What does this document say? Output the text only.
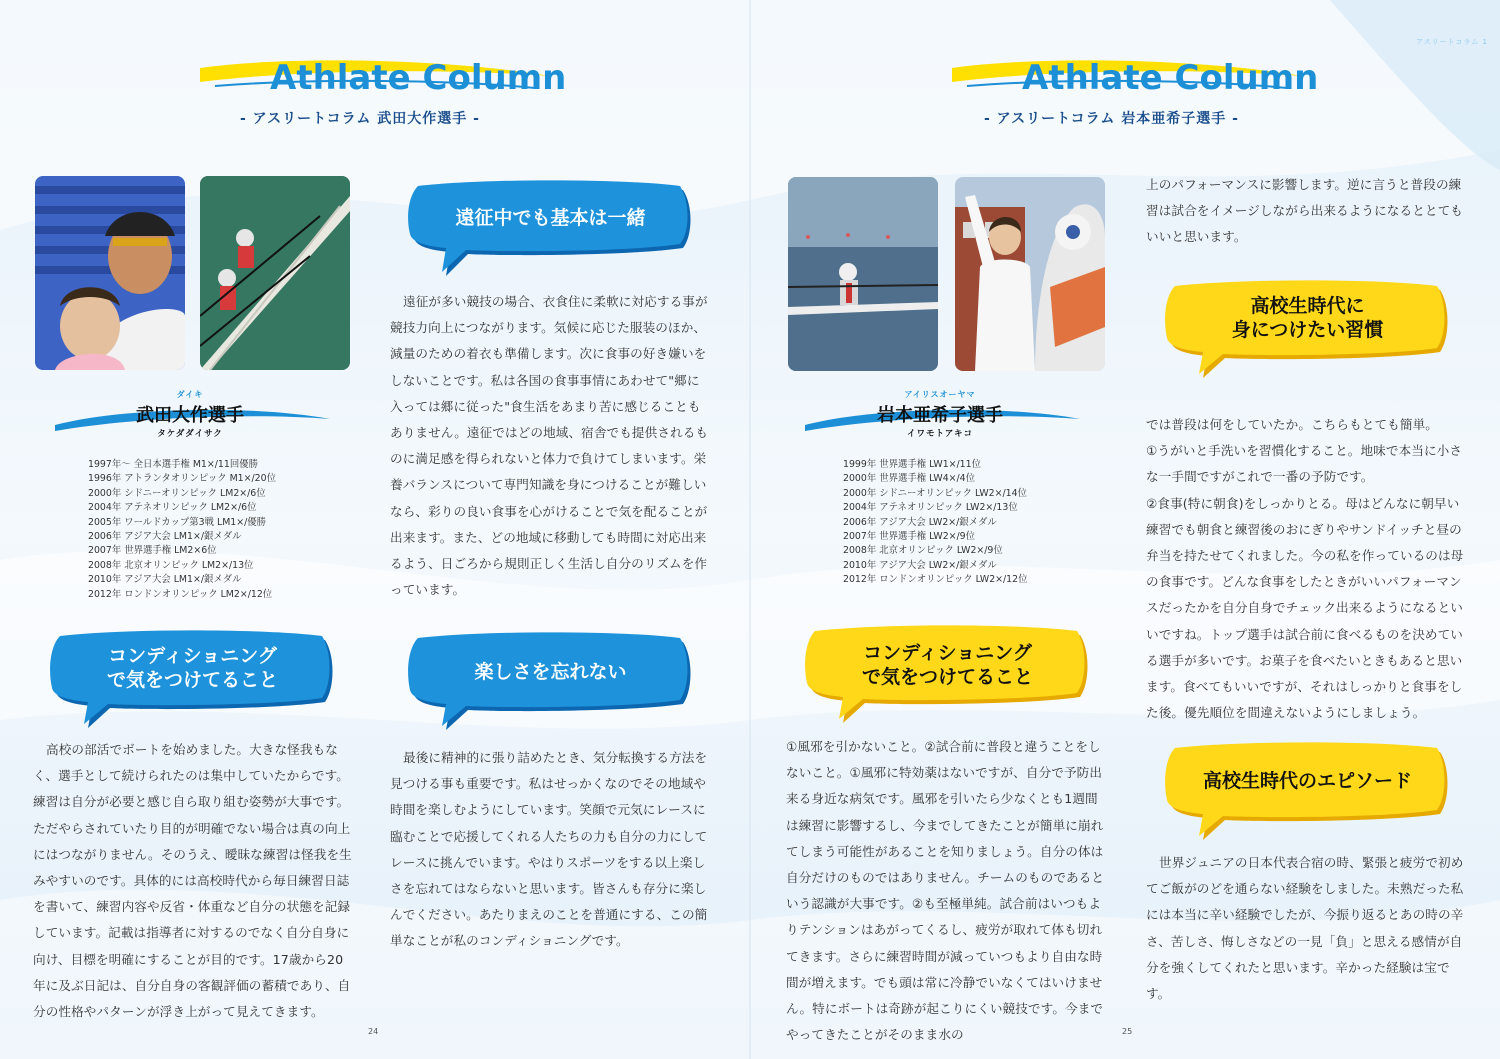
Athlate Column
- アスリートコラム 武田大作選手 -
ダイキ
武田大作選手
タケダダイサク
1997年～ 全日本選手権 M1×/11回優勝
1996年 アトランタオリンピック M1×/20位
2000年 シドニーオリンピック LM2×/6位
2004年 アテネオリンピック LM2×/6位
2005年 ワールドカップ第3戦 LM1×/優勝
2006年 アジア大会 LM1×/銀メダル
2007年 世界選手権 LM2×6位
2008年 北京オリンピック LM2×/13位
2010年 アジア大会 LM1×/銀メダル
2012年 ロンドンオリンピック LM2×/12位
遠征中でも基本は一緒
遠征が多い競技の場合、衣食住に柔軟に対応する事が競技力向上につながります。気候に応じた服装のほか、減量のための着衣も準備します。次に食事の好き嫌いをしないことです。私は各国の食事事情にあわせて"郷に入っては郷に従った"食生活をあまり苦に感じることもありません。遠征ではどの地域、宿舎でも提供されるものに満足感を得られないと体力で負けてしまいます。栄養バランスについて専門知識を身につけることが難しいなら、彩りの良い食事を心がけることで気を配ることが出来ます。また、どの地域に移動しても時間に対応出来るよう、日ごろから規則正しく生活し自分のリズムを作っています。
コンディショニング
で気をつけてること
高校の部活でボートを始めました。大きな怪我もなく、選手として続けられたのは集中していたからです。練習は自分が必要と感じ自ら取り組む姿勢が大事です。ただやらされていたり目的が明確でない場合は真の向上にはつながりません。そのうえ、曖昧な練習は怪我を生みやすいのです。具体的には高校時代から毎日練習日誌を書いて、練習内容や反省・体重など自分の状態を記録しています。記載は指導者に対するのでなく自分自身に向け、目標を明確にすることが目的です。17歳から20年に及ぶ日記は、自分自身の客観評価の蓄積であり、自分の性格やパターンが浮き上がって見えてきます。
楽しさを忘れない
最後に精神的に張り詰めたとき、気分転換する方法を見つける事も重要です。私はせっかくなのでその地域や時間を楽しむようにしています。笑顔で元気にレースに臨むことで応援してくれる人たちの力も自分の力にしてレースに挑んでいます。やはりスポーツをする以上楽しさを忘れてはならないと思います。皆さんも存分に楽しんでください。あたりまえのことを普通にする、この簡単なことが私のコンディショニングです。
24
アスリートコラム 1
Athlate Column
- アスリートコラム 岩本亜希子選手 -
アイリスオーヤマ
岩本亜希子選手
イワモトアキコ
1999年 世界選手権 LW1×/11位
2000年 世界選手権 LW4×/4位
2000年 シドニーオリンピック LW2×/14位
2004年 アテネオリンピック LW2×/13位
2006年 アジア大会 LW2×/銀メダル
2007年 世界選手権 LW2×/9位
2008年 北京オリンピック LW2×/9位
2010年 アジア大会 LW2×/銀メダル
2012年 ロンドンオリンピック LW2×/12位
コンディショニング
で気をつけてること
①風邪を引かないこと。②試合前に普段と違うことをしないこと。①風邪に特効薬はないですが、自分で予防出来る身近な病気です。風邪を引いたら少なくとも1週間は練習に影響するし、今までしてきたことが簡単に崩れてしまう可能性があることを知りましょう。自分の体は自分だけのものではありません。チームのものであるという認識が大事です。②も至極単純。試合前はいつもよりテンションはあがってくるし、疲労が取れて体も切れてきます。さらに練習時間が減っていつもより自由な時間が増えます。でも頭は常に冷静でいなくてはいけません。特にボートは奇跡が起こりにくい競技です。今までやってきたことがそのまま水の
上のパフォーマンスに影響します。逆に言うと普段の練習は試合をイメージしながら出来るようになるととてもいいと思います。
高校生時代に
身につけたい習慣

では普段は何をしていたか。こちらもとても簡単。

①うがいと手洗いを習慣化すること。地味で本当に小さな一手間ですがこれで一番の予防です。

②食事(特に朝食)をしっかりとる。母はどんなに朝早い練習でも朝食と練習後のおにぎりやサンドイッチと昼の弁当を持たせてくれました。今の私を作っているのは母の食事です。どんな食事をしたときがいいパフォーマンスだったかを自分自身でチェック出来るようになるといいですね。トップ選手は試合前に食べるものを決めている選手が多いです。お菓子を食べたいときもあると思います。食べてもいいですが、それはしっかりと食事をした後。優先順位を間違えないようにしましょう。

高校生時代のエピソード
世界ジュニアの日本代表合宿の時、緊張と疲労で初めてご飯がのどを通らない経験をしました。未熟だった私には本当に辛い経験でしたが、今振り返るとあの時の辛さ、苦しさ、悔しさなどの一見「負」と思える感情が自分を強くしてくれたと思います。辛かった経験は宝です。
25
